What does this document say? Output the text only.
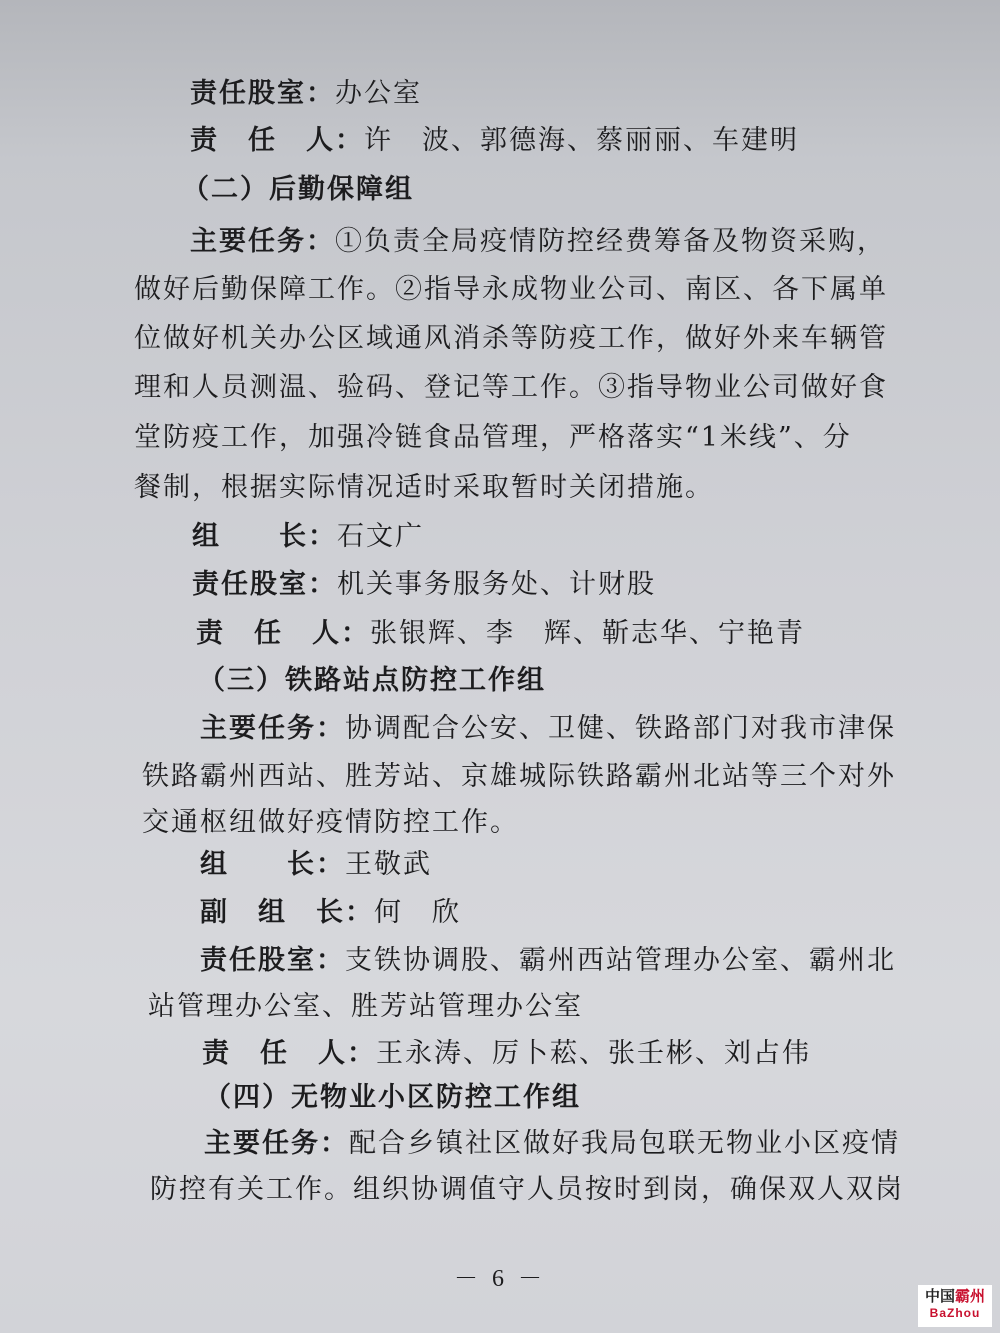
责任股室：办公室
责　任　人：许　波、郭德海、蔡丽丽、车建明
（二）后勤保障组
主要任务：①负责全局疫情防控经费筹备及物资采购，
做好后勤保障工作。②指导永成物业公司、南区、各下属单
位做好机关办公区域通风消杀等防疫工作，做好外来车辆管
理和人员测温、验码、登记等工作。③指导物业公司做好食
堂防疫工作，加强冷链食品管理，严格落实“1米线”、分
餐制，根据实际情况适时采取暂时关闭措施。
组　　长：石文广
责任股室：机关事务服务处、计财股
责　任　人：张银辉、李　辉、靳志华、宁艳青
（三）铁路站点防控工作组
主要任务：协调配合公安、卫健、铁路部门对我市津保
铁路霸州西站、胜芳站、京雄城际铁路霸州北站等三个对外
交通枢纽做好疫情防控工作。
组　　长：王敬武
副　组　长：何　欣
责任股室：支铁协调股、霸州西站管理办公室、霸州北
站管理办公室、胜芳站管理办公室
责　任　人：王永涛、厉卜菘、张壬彬、刘占伟
（四）无物业小区防控工作组
主要任务：配合乡镇社区做好我局包联无物业小区疫情
防控有关工作。组织协调值守人员按时到岗，确保双人双岗
－ 6 －
中国霸州
BaZhou
